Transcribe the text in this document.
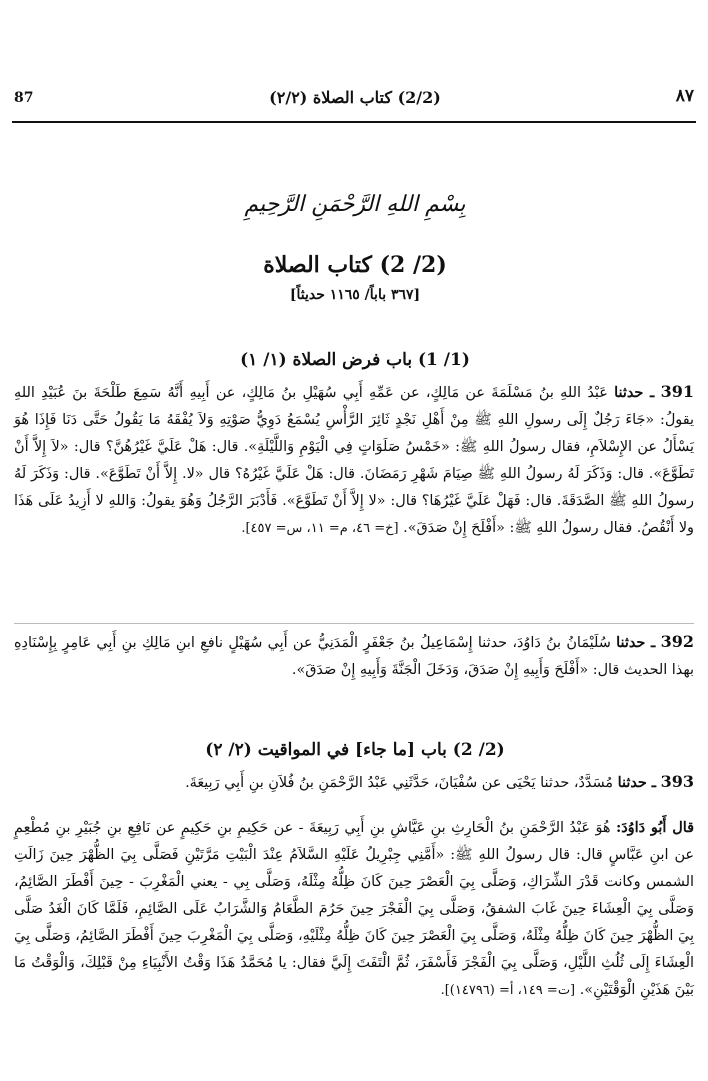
87	(2/2) كتاب الصلاة (٢/٢)	٨٧
بِسْمِ اللهِ الرَّحْمَنِ الرَّحِيمِ
(2/ 2) كتاب الصلاة
[٣٦٧ باباً/ ١١٦٥ حديثاً]
(1/ 1) باب فرض الصلاة (١/ ١)

391 ـ حدثنا عَبْدُ اللهِ بنُ مَسْلَمَةَ عن مَالِكٍ، عن عَمِّهِ أَبِي سُهَيْلِ بنُ مَالِكٍ، عن أَبِيهِ أَنَّهُ سَمِعَ طَلْحَةَ بنَ عُبَيْدِ اللهِ يقولُ: «جَاءَ رَجُلٌ إِلَى رسولِ اللهِ ﷺ مِنْ أَهْلِ نَجْدٍ ثَائِرَ الرَّأْسِ يُسْمَعُ دَوِيُّ صَوْتِهِ وَلاَ يُفْقَهُ مَا يَقُولُ حَتَّى دَنَا فَإِذَا هُوَ يَسْأَلُ عن الإِسْلاَمِ، فقال رسولُ اللهِ ﷺ: «خَمْسُ صَلَوَاتٍ فِي الْيَوْمِ وَاللَّيْلَةِ». قال: هَلْ عَلَيَّ غَيْرُهُنَّ؟ قال: «لاَ إِلاَّ أَنْ تَطَوَّعَ». قال: وَذَكَرَ لَهُ رسولُ اللهِ ﷺ صِيَامَ شَهْرِ رَمَضَانَ. قال: هَلْ عَلَيَّ غَيْرُهُ؟ قال «لا. إِلاَّ أَنْ تَطَوَّعَ». قال: وَذَكَرَ لَهُ رسولُ اللهِ ﷺ الصَّدَقَةَ. قال: فَهَلْ عَلَيَّ غَيْرُهَا؟ قال: «لا إِلاَّ أَنْ تَطَوَّعَ». فَأَدْبَرَ الرَّجُلُ وَهُوَ يقولُ: وَاللهِ لا أَزِيدُ عَلَى هَذَا ولا أَنْقُصُ. فقال رسولُ اللهِ ﷺ: «أَفْلَحَ إِنْ صَدَقَ». [خ= ٤٦، م= ١١، س= ٤٥٧].

392 ـ حدثنا سُلَيْمَانُ بنُ دَاوُدَ، حدثنا إِسْمَاعِيلُ بنُ جَعْفَرٍ الْمَدَنِيُّ عن أَبِي سُهَيْلٍ نافعِ ابنِ مَالِكِ بنِ أَبِي عَامِرٍ بِإِسْنَادِهِ بهذا الحديث قال: «أَفْلَحَ وَأَبِيهِ إِنْ صَدَقَ، وَدَخَلَ الْجَنَّةَ وَأَبِيهِ إِنْ صَدَقَ».

(2/ 2) باب [ما جاء] في المواقيت (٢/ ٢)

393 ـ حدثنا مُسَدَّدٌ، حدثنا يَحْيَى عن سُفْيَانَ، حَدَّثَنِي عَبْدُ الرَّحْمَنِ بنُ فُلاَنِ بنِ أَبِي رَبِيعَةَ.

قال أَبُو دَاوُدَ: هُوَ عَبْدُ الرَّحْمَنِ بنُ الْحَارِثِ بنِ عَيَّاشِ بنِ أَبِي رَبِيعَةَ - عن حَكِيمِ بنِ حَكِيمٍ عن نَافِعِ بنِ جُبَيْرِ بنِ مُطْعِمٍ عن ابنِ عَبَّاسٍ قال: قال رسولُ اللهِ ﷺ: «أَمَّنِي جِبْرِيلُ عَلَيْهِ السَّلاَمُ عِنْدَ الْبَيْتِ مَرَّتَيْنِ فَصَلَّى بِيَ الظُّهْرَ حِينَ زَالَتِ الشمس وكانت قَدْرَ الشِّرَاكِ، وَصَلَّى بِيَ الْعَصْرَ حِينَ كَانَ ظِلُّهُ مِثْلَهُ، وَصَلَّى بِي - يعني الْمَغْرِبَ - حِينَ أَفْطَرَ الصَّائِمُ، وَصَلَّى بِيَ الْعِشَاءَ حِينَ غَابَ الشفقُ، وَصَلَّى بِيَ الْفَجْرَ حِينَ حَرُمَ الطَّعَامُ وَالشَّرَابُ عَلَى الصَّائِمِ، فَلَمَّا كَانَ الْغَدُ صَلَّى بِيَ الظُّهْرَ حِينَ كَانَ ظِلُّهُ مِثْلَهُ، وَصَلَّى بِيَ الْعَصْرَ حِينَ كَانَ ظِلُّهُ مِثْلَيْهِ، وَصَلَّى بِيَ الْمَغْرِبَ حِينَ أَفْطَرَ الصَّائِمُ، وَصَلَّى بِيَ الْعِشَاءَ إِلَى ثُلُثِ اللَّيْلِ، وَصَلَّى بِيَ الْفَجْرَ فَأَسْفَرَ، ثُمَّ الْتَفَتَ إِلَيَّ فقال: يا مُحَمَّدُ هَذَا وَقْتُ الأَنْبِيَاءِ مِنْ قَبْلِكَ، وَالْوَقْتُ مَا بَيْنَ هَذَيْنِ الْوَقْتَيْنِ». [ت= ١٤٩، أ= (١٤٧٩٦)].
